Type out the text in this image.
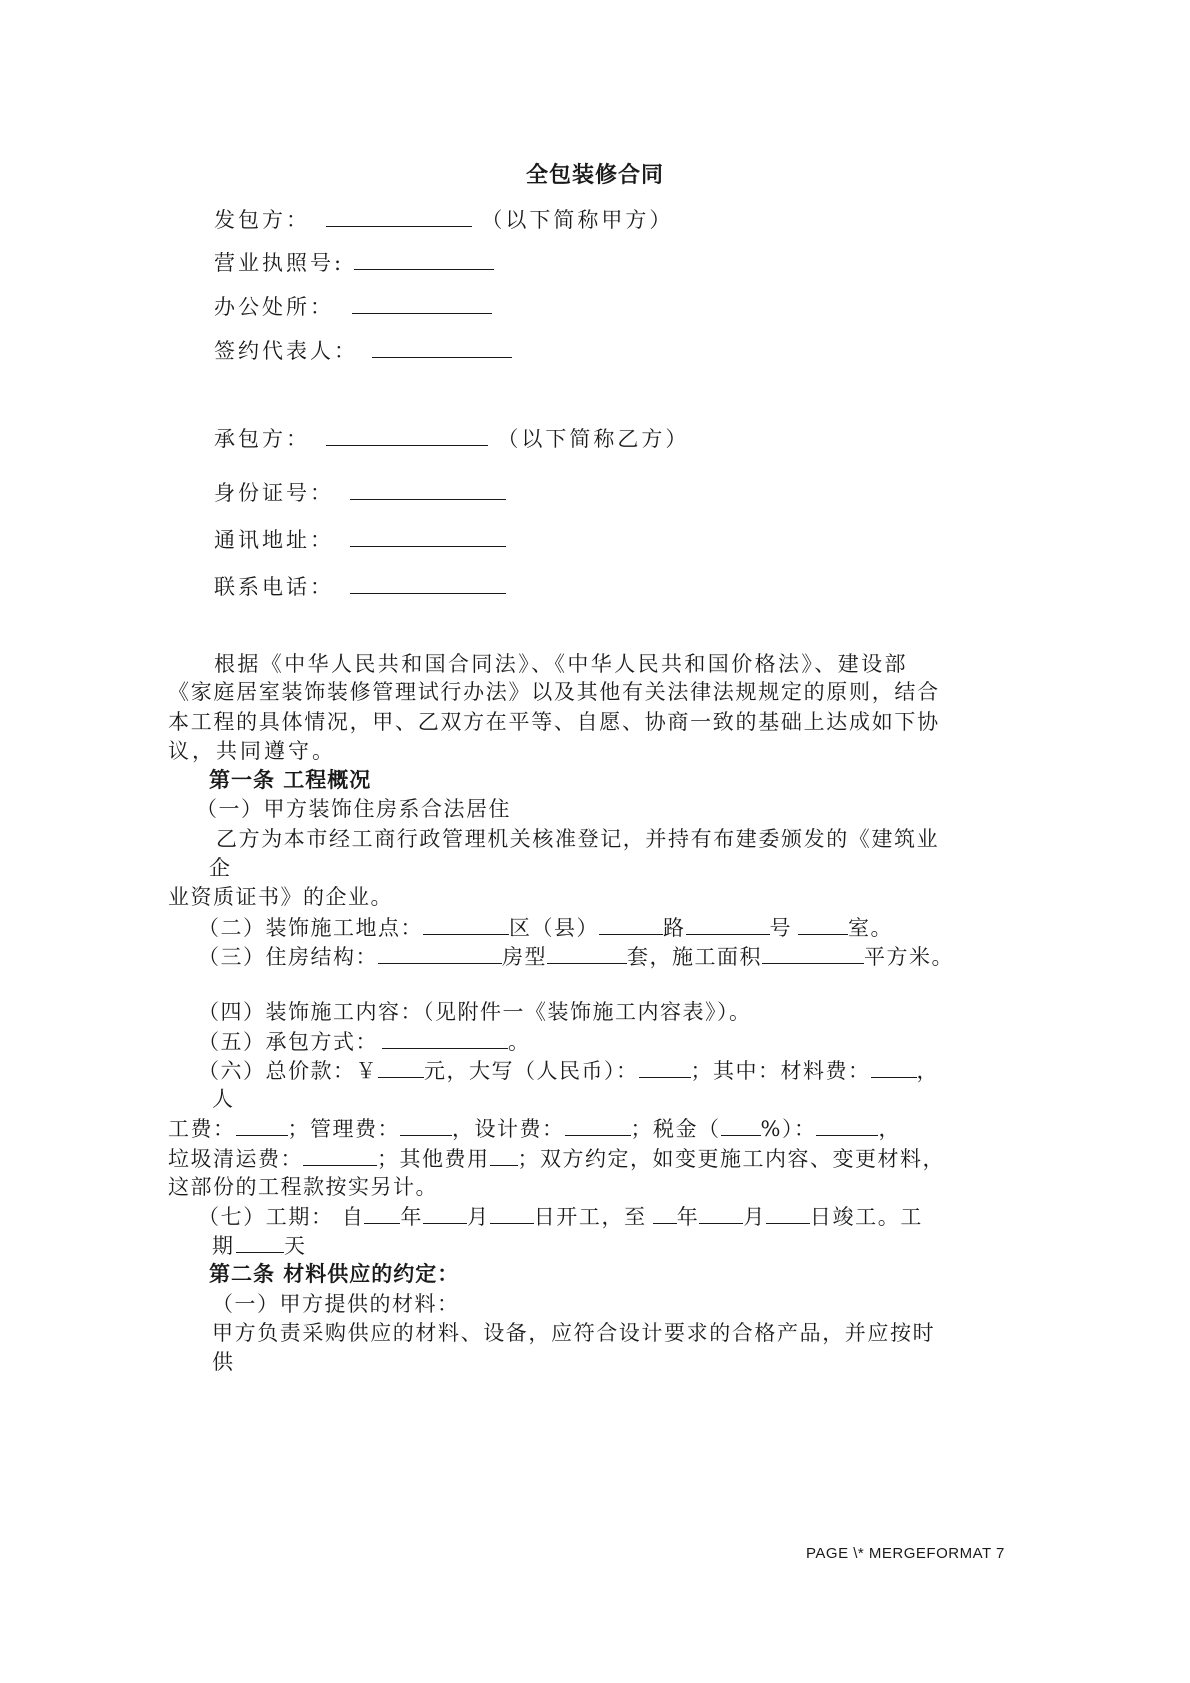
全包装修合同
发包方：	（以下简称甲方）
营业执照号:
办公处所：
签约代表人：
承包方：	（以下简称乙方）
身份证号：
通讯地址：
联系电话：
根据《中华人民共和国合同法》、《中华人民共和国价格法》、建设部
《家庭居室装饰装修管理试行办法》以及其他有关法律法规规定的原则，结合
本工程的具体情况，甲、乙双方在平等、自愿、协商一致的基础上达成如下协
议，共同遵守。
第一条 工程概况
（一）甲方装饰住房系合法居住
乙方为本市经工商行政管理机关核准登记，并持有布建委颁发的《建筑业
企
业资质证书》的企业。
（二）装饰施工地点：	区（县）	路	号	室。
（三）住房结构：	房型	套，施工面积	平方米。
（四）装饰施工内容：（见附件一《装饰施工内容表》）。
（五）承包方式：	。
（六）总价款：￥ 元，大写（人民币）： ；其中：材料费： ，
人
工费： ；管理费： ，设计费：	；税金（ %）：	，
垃圾清运费：	；其他费用 ；双方约定，如变更施工内容、变更材料，
这部份的工程款按实另计。
（七）工期： 自 年 月 日开工，至 年 月 日竣工。工
期 天
第二条 材料供应的约定：
（一）甲方提供的材料：
甲方负责采购供应的材料、设备，应符合设计要求的合格产品，并应按时
供
PAGE \* MERGEFORMAT 7
